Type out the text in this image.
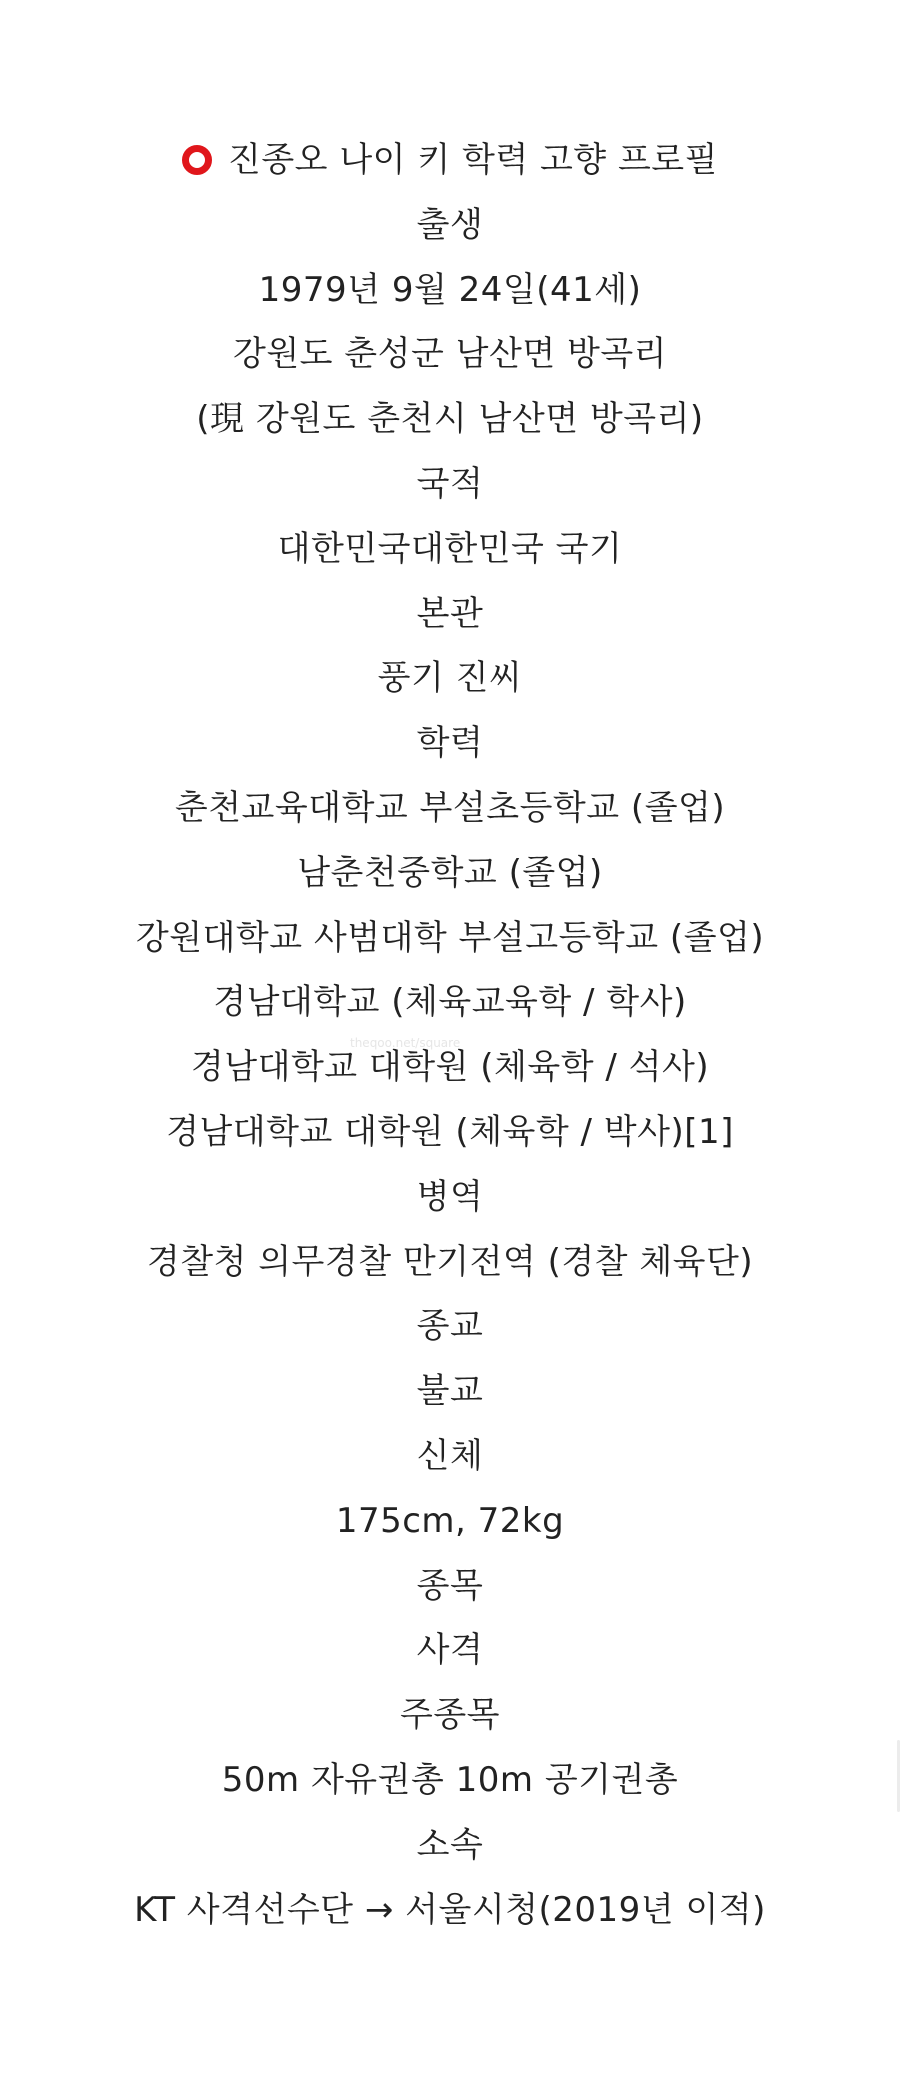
진종오 나이 키 학력 고향 프로필
출생
1979년 9월 24일(41세)
강원도 춘성군 남산면 방곡리
(現 강원도 춘천시 남산면 방곡리)
국적
대한민국대한민국 국기
본관
풍기 진씨
학력
춘천교육대학교 부설초등학교 (졸업)
남춘천중학교 (졸업)
강원대학교 사범대학 부설고등학교 (졸업)
경남대학교 (체육교육학 / 학사)
경남대학교 대학원 (체육학 / 석사)
경남대학교 대학원 (체육학 / 박사)[1]
병역
경찰청 의무경찰 만기전역 (경찰 체육단)
종교
불교
신체
175cm, 72kg
종목
사격
주종목
50m 자유권총 10m 공기권총
소속
KT 사격선수단 → 서울시청(2019년 이적)
theqoo.net/square
